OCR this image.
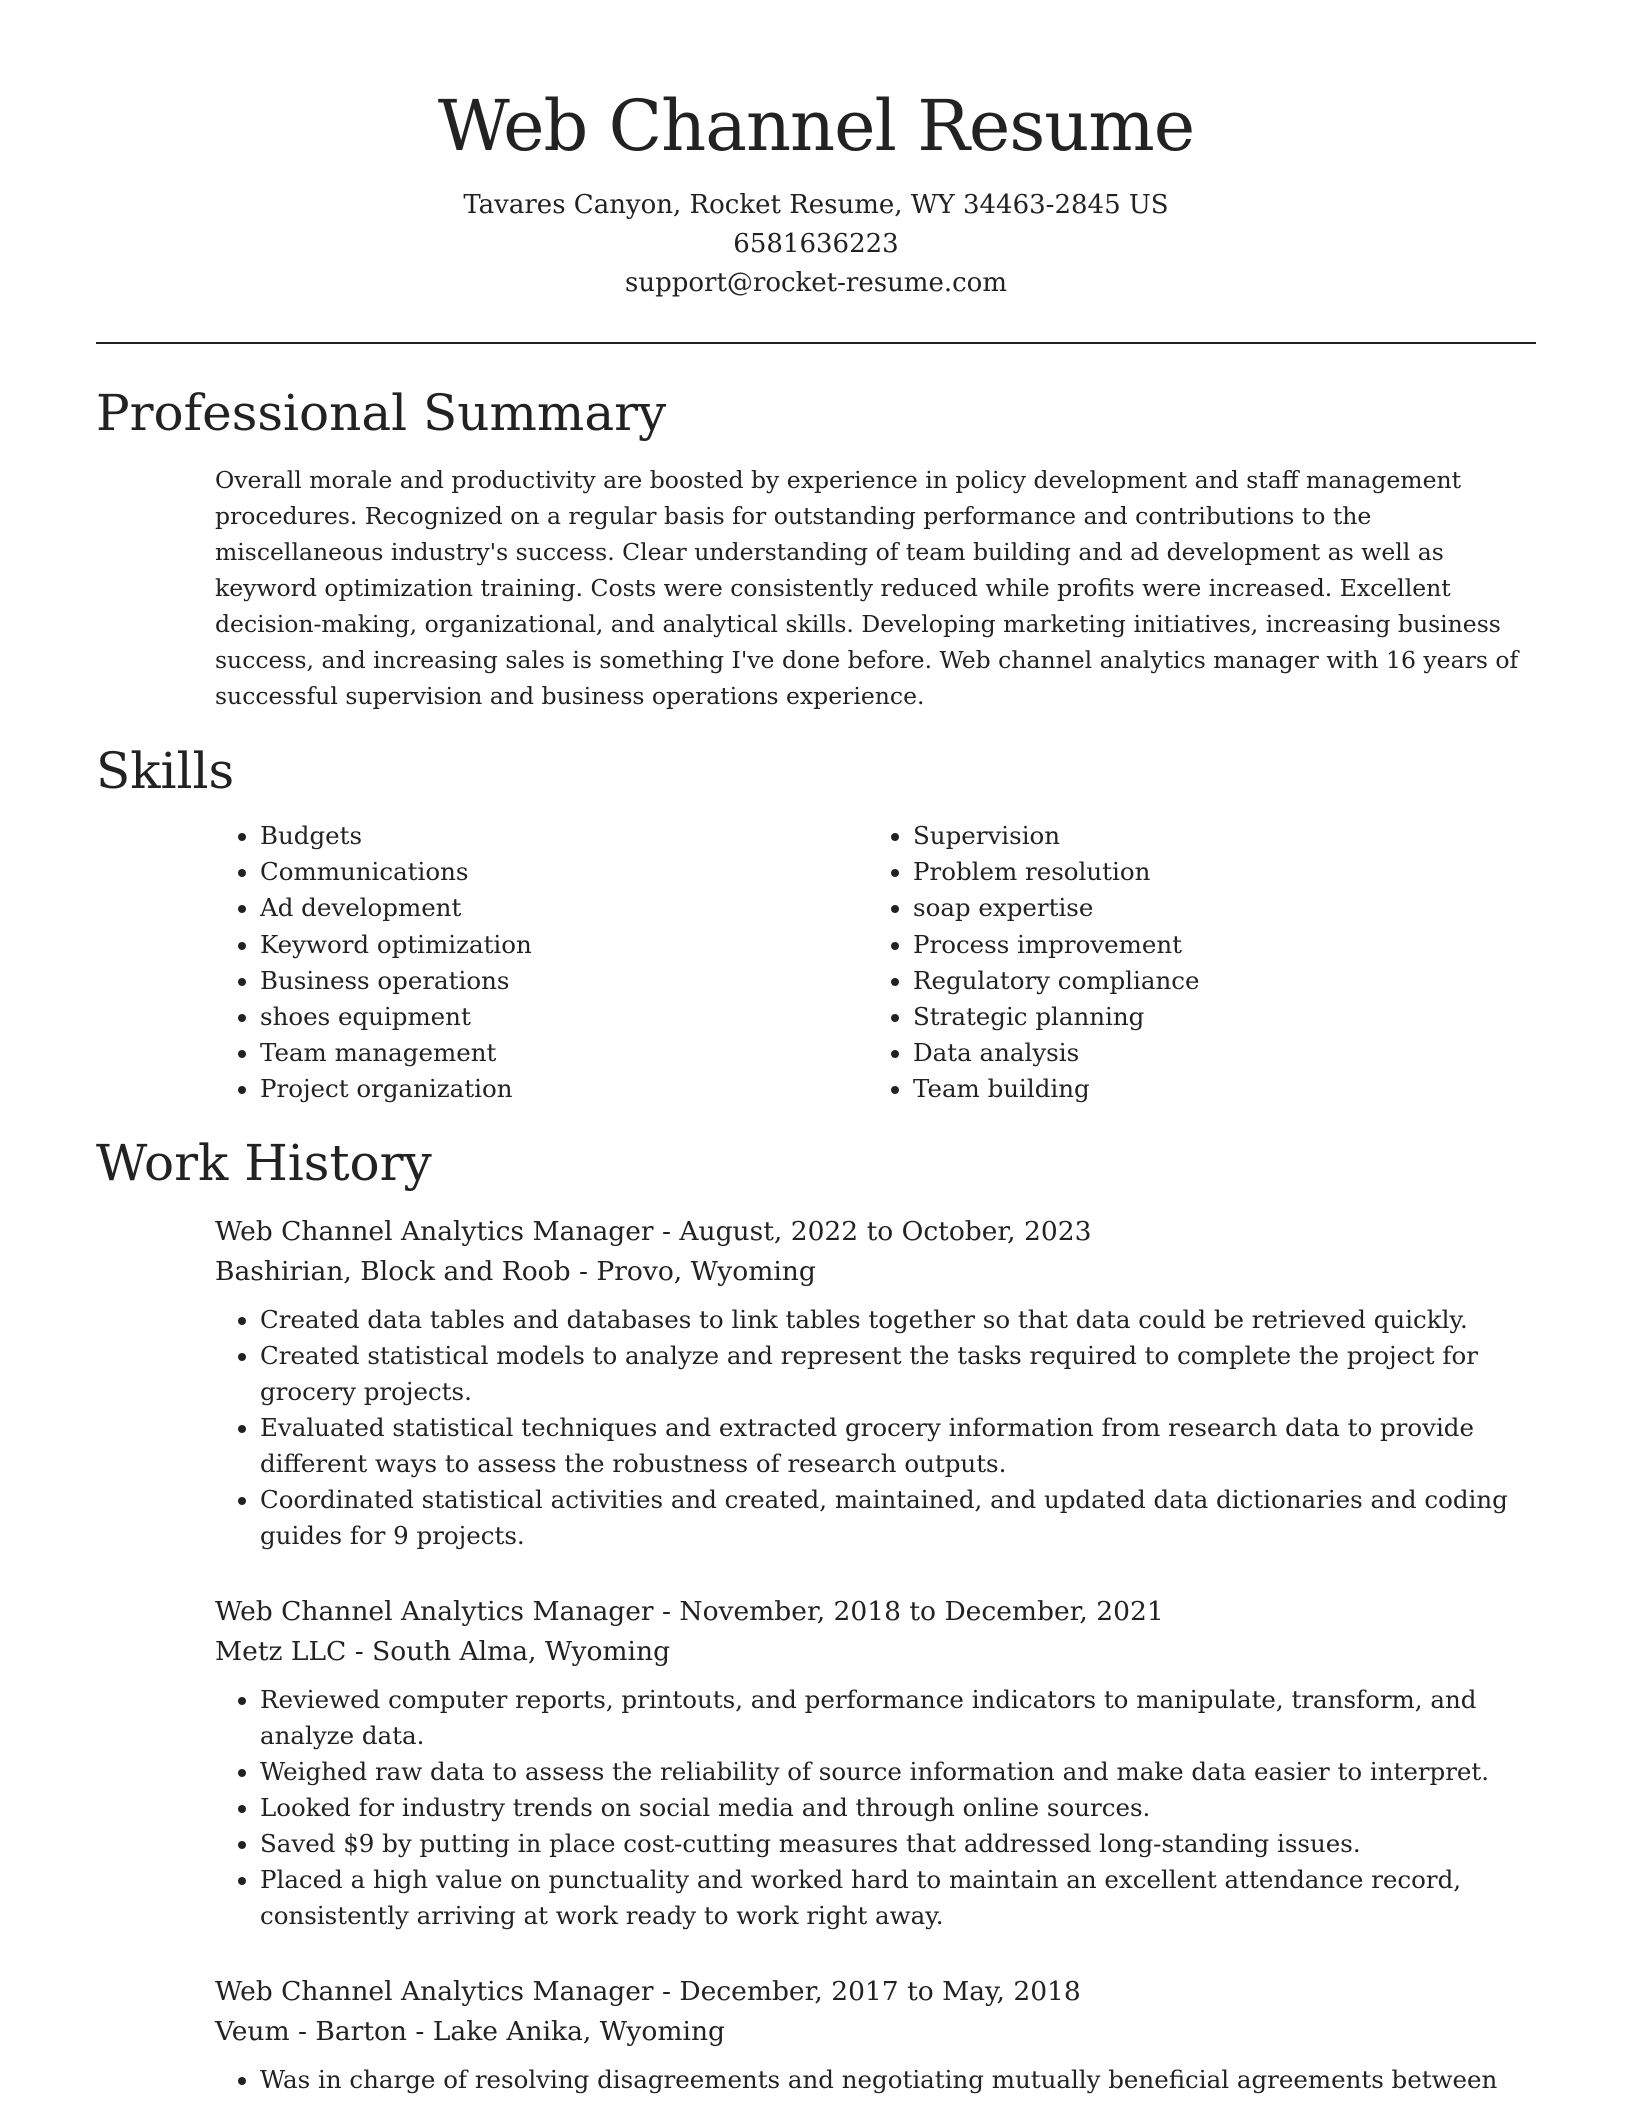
Web Channel Resume
Tavares Canyon, Rocket Resume, WY 34463-2845 US
6581636223
support@rocket-resume.com
Professional Summary

Overall morale and productivity are boosted by experience in policy development and staff management procedures. Recognized on a regular basis for outstanding performance and contributions to the miscellaneous industry's success. Clear understanding of team building and ad development as well as keyword optimization training. Costs were consistently reduced while profits were increased. Excellent decision-making, organizational, and analytical skills. Developing marketing initiatives, increasing business success, and increasing sales is something I've done before. Web channel analytics manager with 16 years of successful supervision and business operations experience.

Skills
• Budgets
• Communications
• Ad development
• Keyword optimization
• Business operations
• shoes equipment
• Team management
• Project organization
• Supervision
• Problem resolution
• soap expertise
• Process improvement
• Regulatory compliance
• Strategic planning
• Data analysis
• Team building
Work History
Web Channel Analytics Manager - August, 2022 to October, 2023
Bashirian, Block and Roob - Provo, Wyoming
• Created data tables and databases to link tables together so that data could be retrieved quickly.
• Created statistical models to analyze and represent the tasks required to complete the project for grocery projects.
• Evaluated statistical techniques and extracted grocery information from research data to provide different ways to assess the robustness of research outputs.
• Coordinated statistical activities and created, maintained, and updated data dictionaries and coding guides for 9 projects.
Web Channel Analytics Manager - November, 2018 to December, 2021
Metz LLC - South Alma, Wyoming
• Reviewed computer reports, printouts, and performance indicators to manipulate, transform, and analyze data.
• Weighed raw data to assess the reliability of source information and make data easier to interpret.
• Looked for industry trends on social media and through online sources.
• Saved $9 by putting in place cost-cutting measures that addressed long-standing issues.
• Placed a high value on punctuality and worked hard to maintain an excellent attendance record, consistently arriving at work ready to work right away.
Web Channel Analytics Manager - December, 2017 to May, 2018
Veum - Barton - Lake Anika, Wyoming
• Was in charge of resolving disagreements and negotiating mutually beneficial agreements between
